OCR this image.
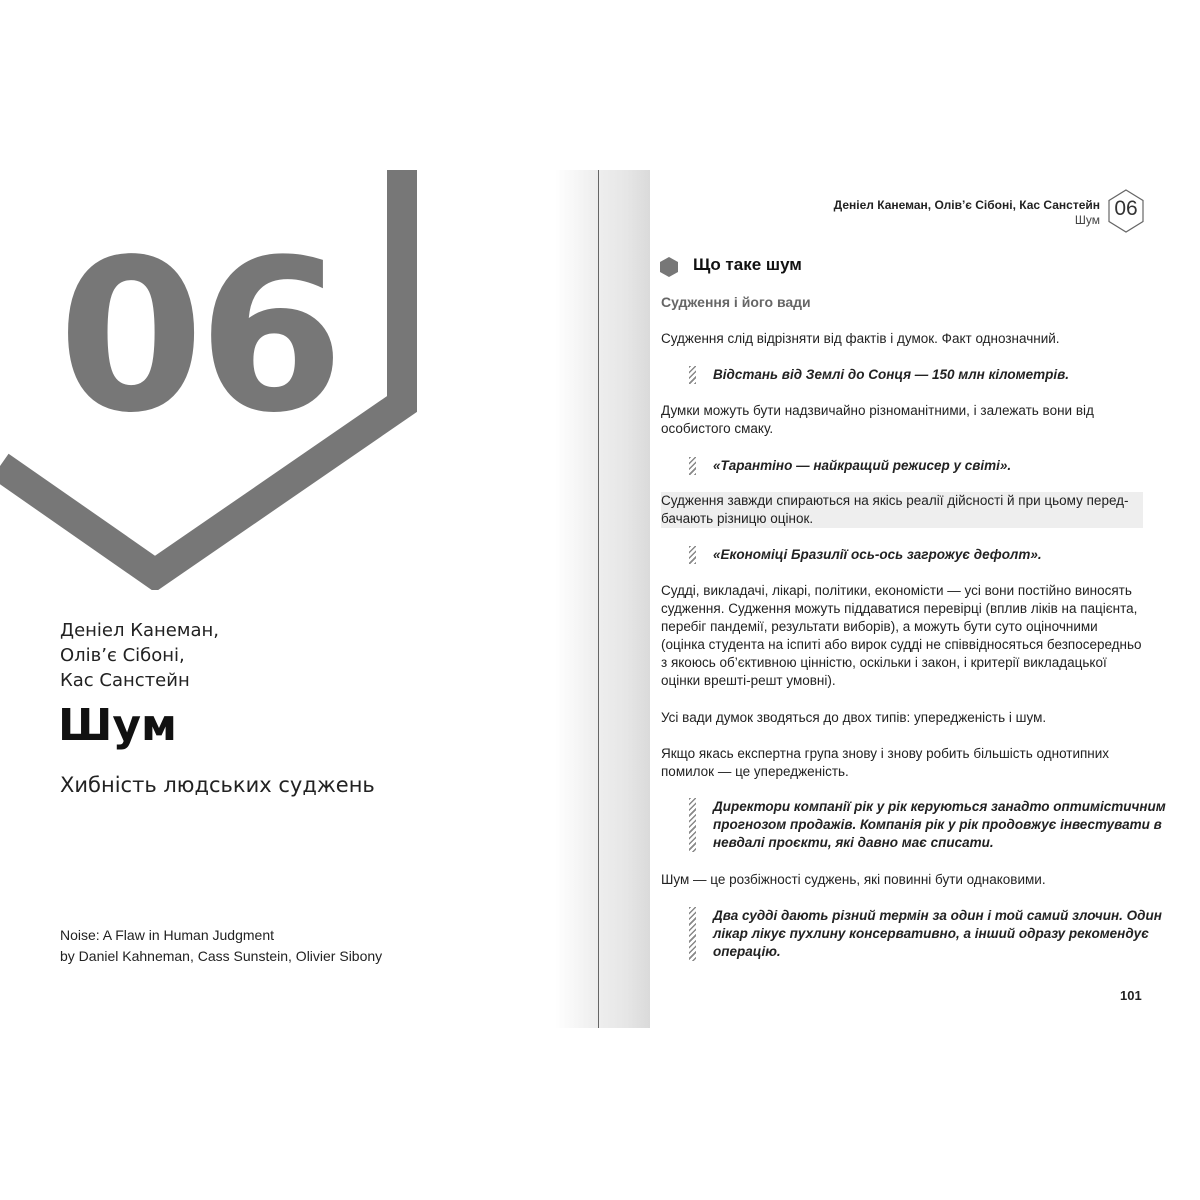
06
Деніел Канеман,
Олів’є Сібоні,
Кас Санстейн
Шум
Хибність людських суджень
Noise: A Flaw in Human Judgment
by Daniel Kahneman, Cass Sunstein, Olivier Sibony
Деніел Канеман, Олів’є Сібоні, Кас Санстейн
Шум 06
Що таке шум
Судження і його вади
Судження слід відрізняти від фактів і думок. Факт однозначний.
Відстань від Землі до Сонця — 150 млн кілометрів.
Думки можуть бути надзвичайно різноманітними, і залежать вони від особистого смаку.
«Тарантіно — найкращий режисер у світі».
Судження завжди спираються на якісь реалії дійсності й при цьому передбачають різницю оцінок.
«Економіці Бразилії ось-ось загрожує дефолт».
Судді, викладачі, лікарі, політики, економісти — усі вони постійно виносять судження. Судження можуть піддаватися перевірці (вплив ліків на пацієнта, перебіг пандемії, результати виборів), а можуть бути суто оціночними (оцінка студента на іспиті або вирок судді не співвідносяться безпосередньо з якоюсь об’єктивною цінністю, оскільки і закон, і критерії викладацької оцінки врешті-решт умовні).
Усі вади думок зводяться до двох типів: упередженість і шум.
Якщо якась експертна група знову і знову робить більшість однотипних помилок — це упередженість.
Директори компанії рік у рік керуються занадто оптимістичним прогнозом продажів. Компанія рік у рік продовжує інвестувати в невдалі проєкти, які давно має списати.
Шум — це розбіжності суджень, які повинні бути однаковими.
Два судді дають різний термін за один і той самий злочин. Один лікар лікує пухлину консервативно, а інший одразу рекомендує операцію.
101
